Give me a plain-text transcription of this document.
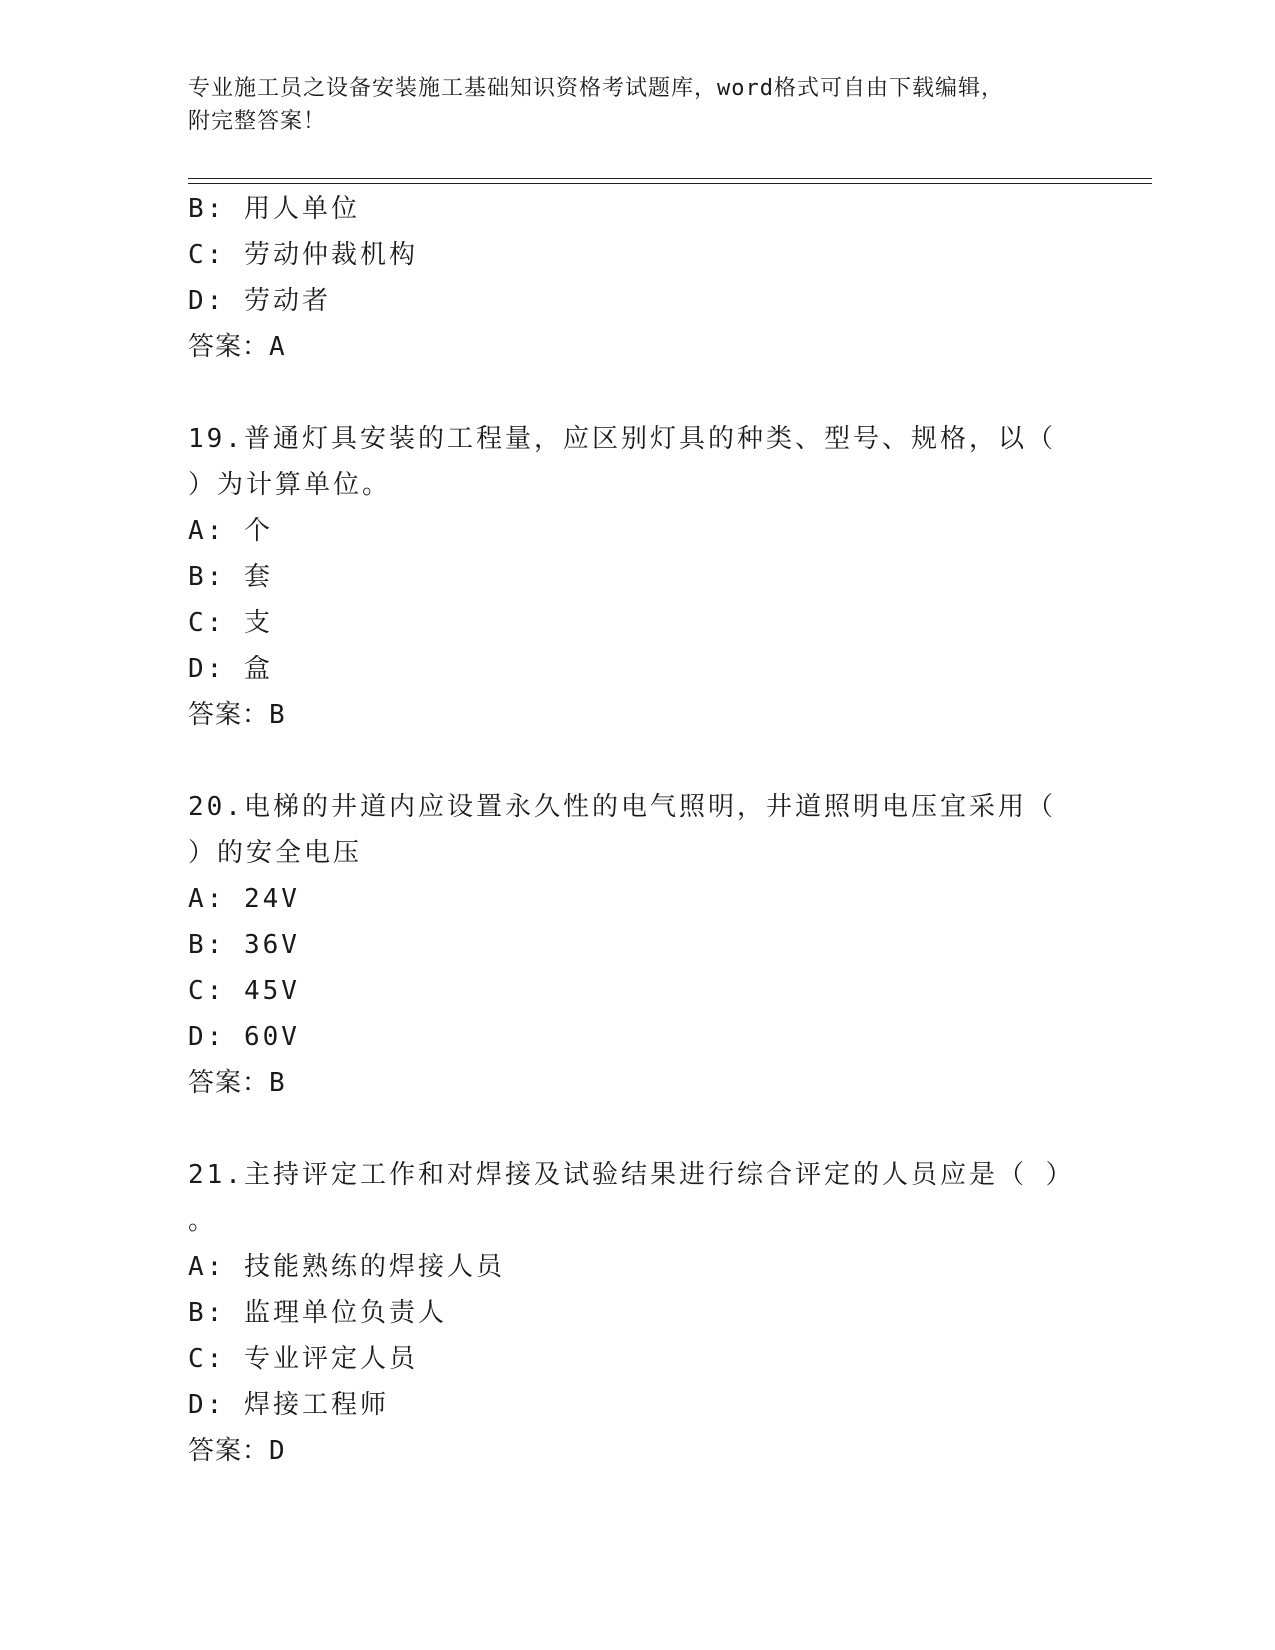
专业施工员之设备安装施工基础知识资格考试题库，word格式可自由下载编辑，
附完整答案！
B: 用人单位
C: 劳动仲裁机构
D: 劳动者
答案：A
19.普通灯具安装的工程量，应区别灯具的种类、型号、规格，以（
）为计算单位。
A: 个
B: 套
C: 支
D: 盒
答案：B
20.电梯的井道内应设置永久性的电气照明，井道照明电压宜采用（
）的安全电压
A: 24V
B: 36V
C: 45V
D: 60V
答案：B
21.主持评定工作和对焊接及试验结果进行综合评定的人员应是（ ）
。
A: 技能熟练的焊接人员
B: 监理单位负责人
C: 专业评定人员
D: 焊接工程师
答案：D
